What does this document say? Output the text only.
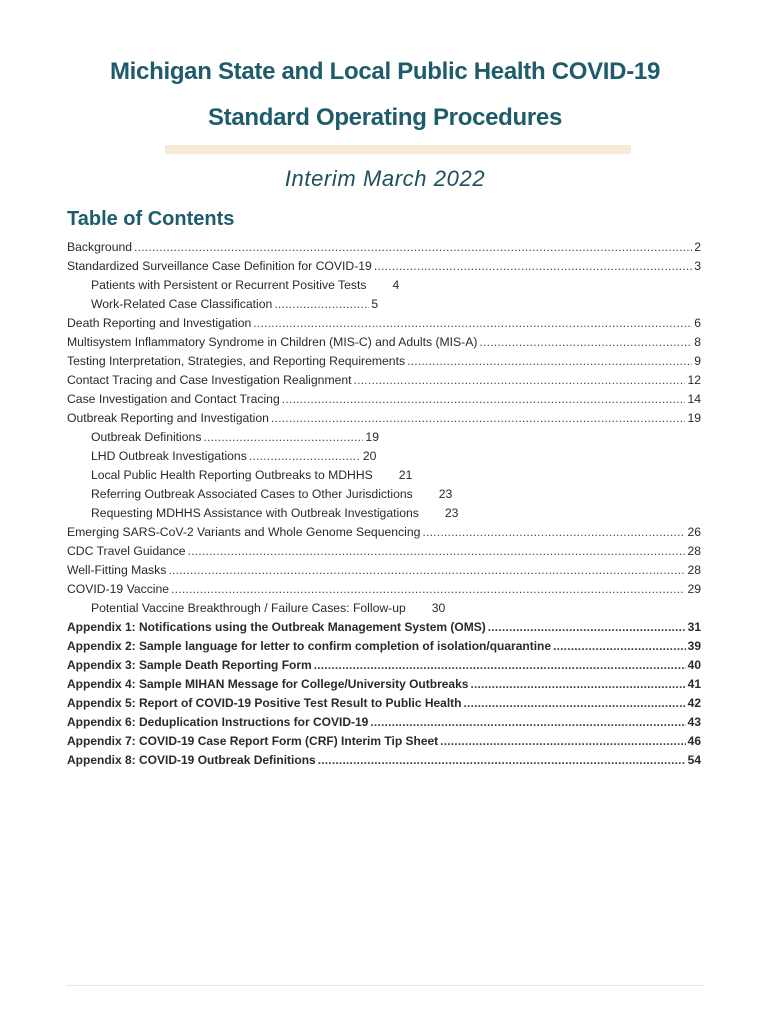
Michigan State and Local Public Health COVID-19
Standard Operating Procedures
Interim March 2022
Table of Contents
Background .....	2
Standardized Surveillance Case Definition for COVID-19 .....	3
Patients with Persistent or Recurrent Positive Tests 4
Work-Related Case Classification .....	5
Death Reporting and Investigation .....	6
Multisystem Inflammatory Syndrome in Children (MIS-C) and Adults (MIS-A) .....	8
Testing Interpretation, Strategies, and Reporting Requirements .....	9
Contact Tracing and Case Investigation Realignment .....	12
Case Investigation and Contact Tracing .....	14
Outbreak Reporting and Investigation .....	19
Outbreak Definitions .....	19
LHD Outbreak Investigations .....	20
Local Public Health Reporting Outbreaks to MDHHS 21
Referring Outbreak Associated Cases to Other Jurisdictions 23
Requesting MDHHS Assistance with Outbreak Investigations 23
Emerging SARS-CoV-2 Variants and Whole Genome Sequencing .....	26
CDC Travel Guidance .....	28
Well-Fitting Masks .....	28
COVID-19 Vaccine .....	29
Potential Vaccine Breakthrough / Failure Cases: Follow-up 30
Appendix 1: Notifications using the Outbreak Management System (OMS) .....	31
Appendix 2: Sample language for letter to confirm completion of isolation/quarantine .....	39
Appendix 3: Sample Death Reporting Form .....	40
Appendix 4: Sample MIHAN Message for College/University Outbreaks .....	41
Appendix 5: Report of COVID-19 Positive Test Result to Public Health .....	42
Appendix 6: Deduplication Instructions for COVID-19 .....	43
Appendix 7: COVID-19 Case Report Form (CRF) Interim Tip Sheet .....	46
Appendix 8: COVID-19 Outbreak Definitions .....	54
